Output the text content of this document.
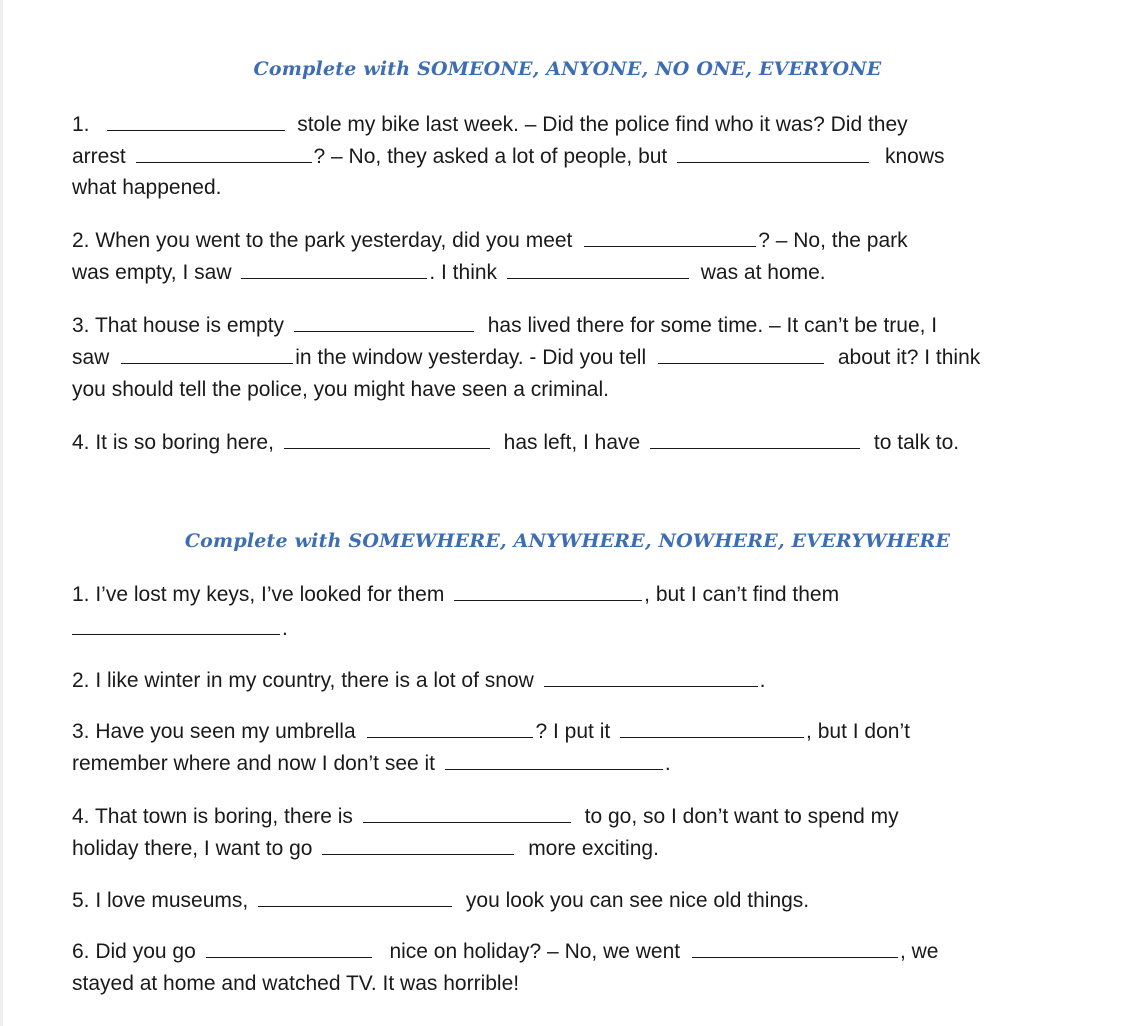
Complete with SOMEONE, ANYONE, NO ONE, EVERYONE
1.	stole my bike last week. – Did the police find who it was? Did they
arrest	? – No, they asked a lot of people, but	knows
what happened.
2. When you went to the park yesterday, did you meet	? – No, the park
was empty, I saw	. I think	was at home.
3. That house is empty	has lived there for some time. – It can’t be true, I
saw	in the window yesterday. - Did you tell	about it? I think
you should tell the police, you might have seen a criminal.
4. It is so boring here,	has left, I have	to talk to.
Complete with SOMEWHERE, ANYWHERE, NOWHERE, EVERYWHERE
1. I’ve lost my keys, I’ve looked for them	, but I can’t find them
.
2. I like winter in my country, there is a lot of snow	.
3. Have you seen my umbrella	? I put it	, but I don’t
remember where and now I don’t see it	.
4. That town is boring, there is	to go, so I don’t want to spend my
holiday there, I want to go	more exciting.
5. I love museums,	you look you can see nice old things.
6. Did you go	nice on holiday? – No, we went	, we
stayed at home and watched TV. It was horrible!
